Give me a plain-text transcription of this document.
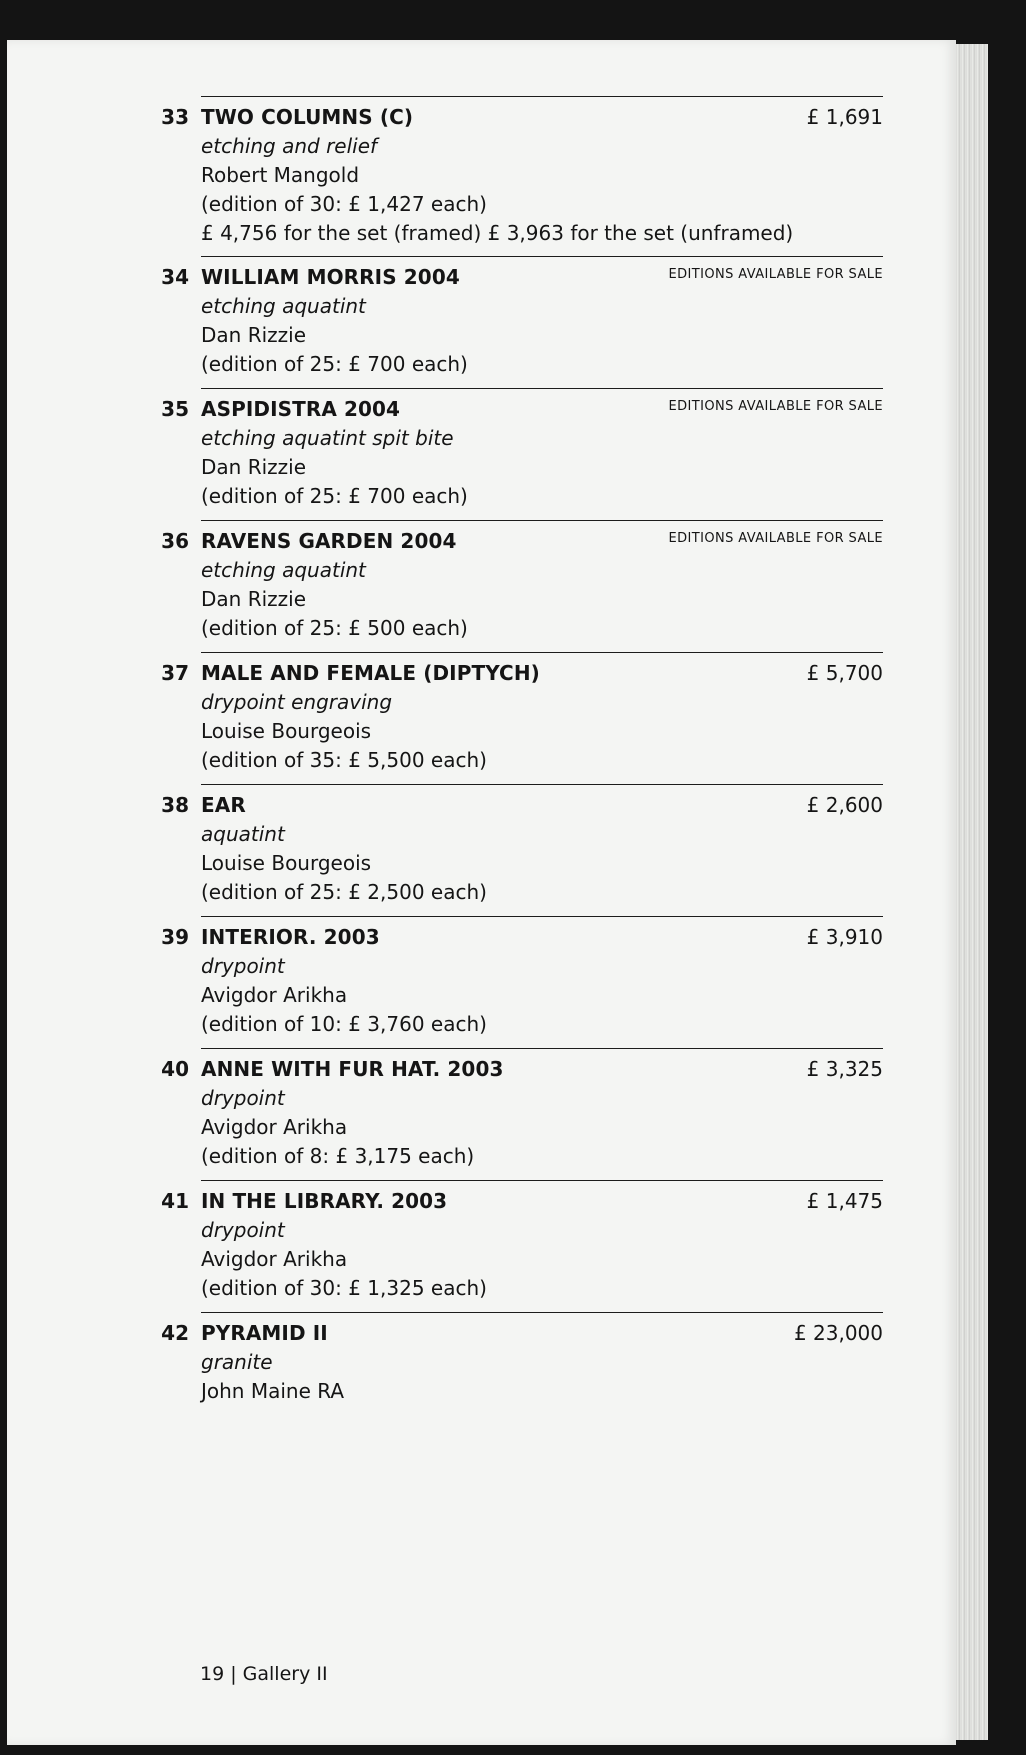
33 TWO COLUMNS (C)	£ 1,691
etching and relief
Robert Mangold
(edition of 30: £ 1,427 each)
£ 4,756 for the set (framed) £ 3,963 for the set (unframed)
34 WILLIAM MORRIS 2004	EDITIONS AVAILABLE FOR SALE
etching aquatint
Dan Rizzie
(edition of 25: £ 700 each)
35 ASPIDISTRA 2004	EDITIONS AVAILABLE FOR SALE
etching aquatint spit bite
Dan Rizzie
(edition of 25: £ 700 each)
36 RAVENS GARDEN 2004	EDITIONS AVAILABLE FOR SALE
etching aquatint
Dan Rizzie
(edition of 25: £ 500 each)
37 MALE AND FEMALE (DIPTYCH)	£ 5,700
drypoint engraving
Louise Bourgeois
(edition of 35: £ 5,500 each)
38 EAR	£ 2,600
aquatint
Louise Bourgeois
(edition of 25: £ 2,500 each)
39 INTERIOR. 2003	£ 3,910
drypoint
Avigdor Arikha
(edition of 10: £ 3,760 each)
40 ANNE WITH FUR HAT. 2003	£ 3,325
drypoint
Avigdor Arikha
(edition of 8: £ 3,175 each)
41 IN THE LIBRARY. 2003	£ 1,475
drypoint
Avigdor Arikha
(edition of 30: £ 1,325 each)
42 PYRAMID II	£ 23,000
granite
John Maine RA
19 | Gallery II
